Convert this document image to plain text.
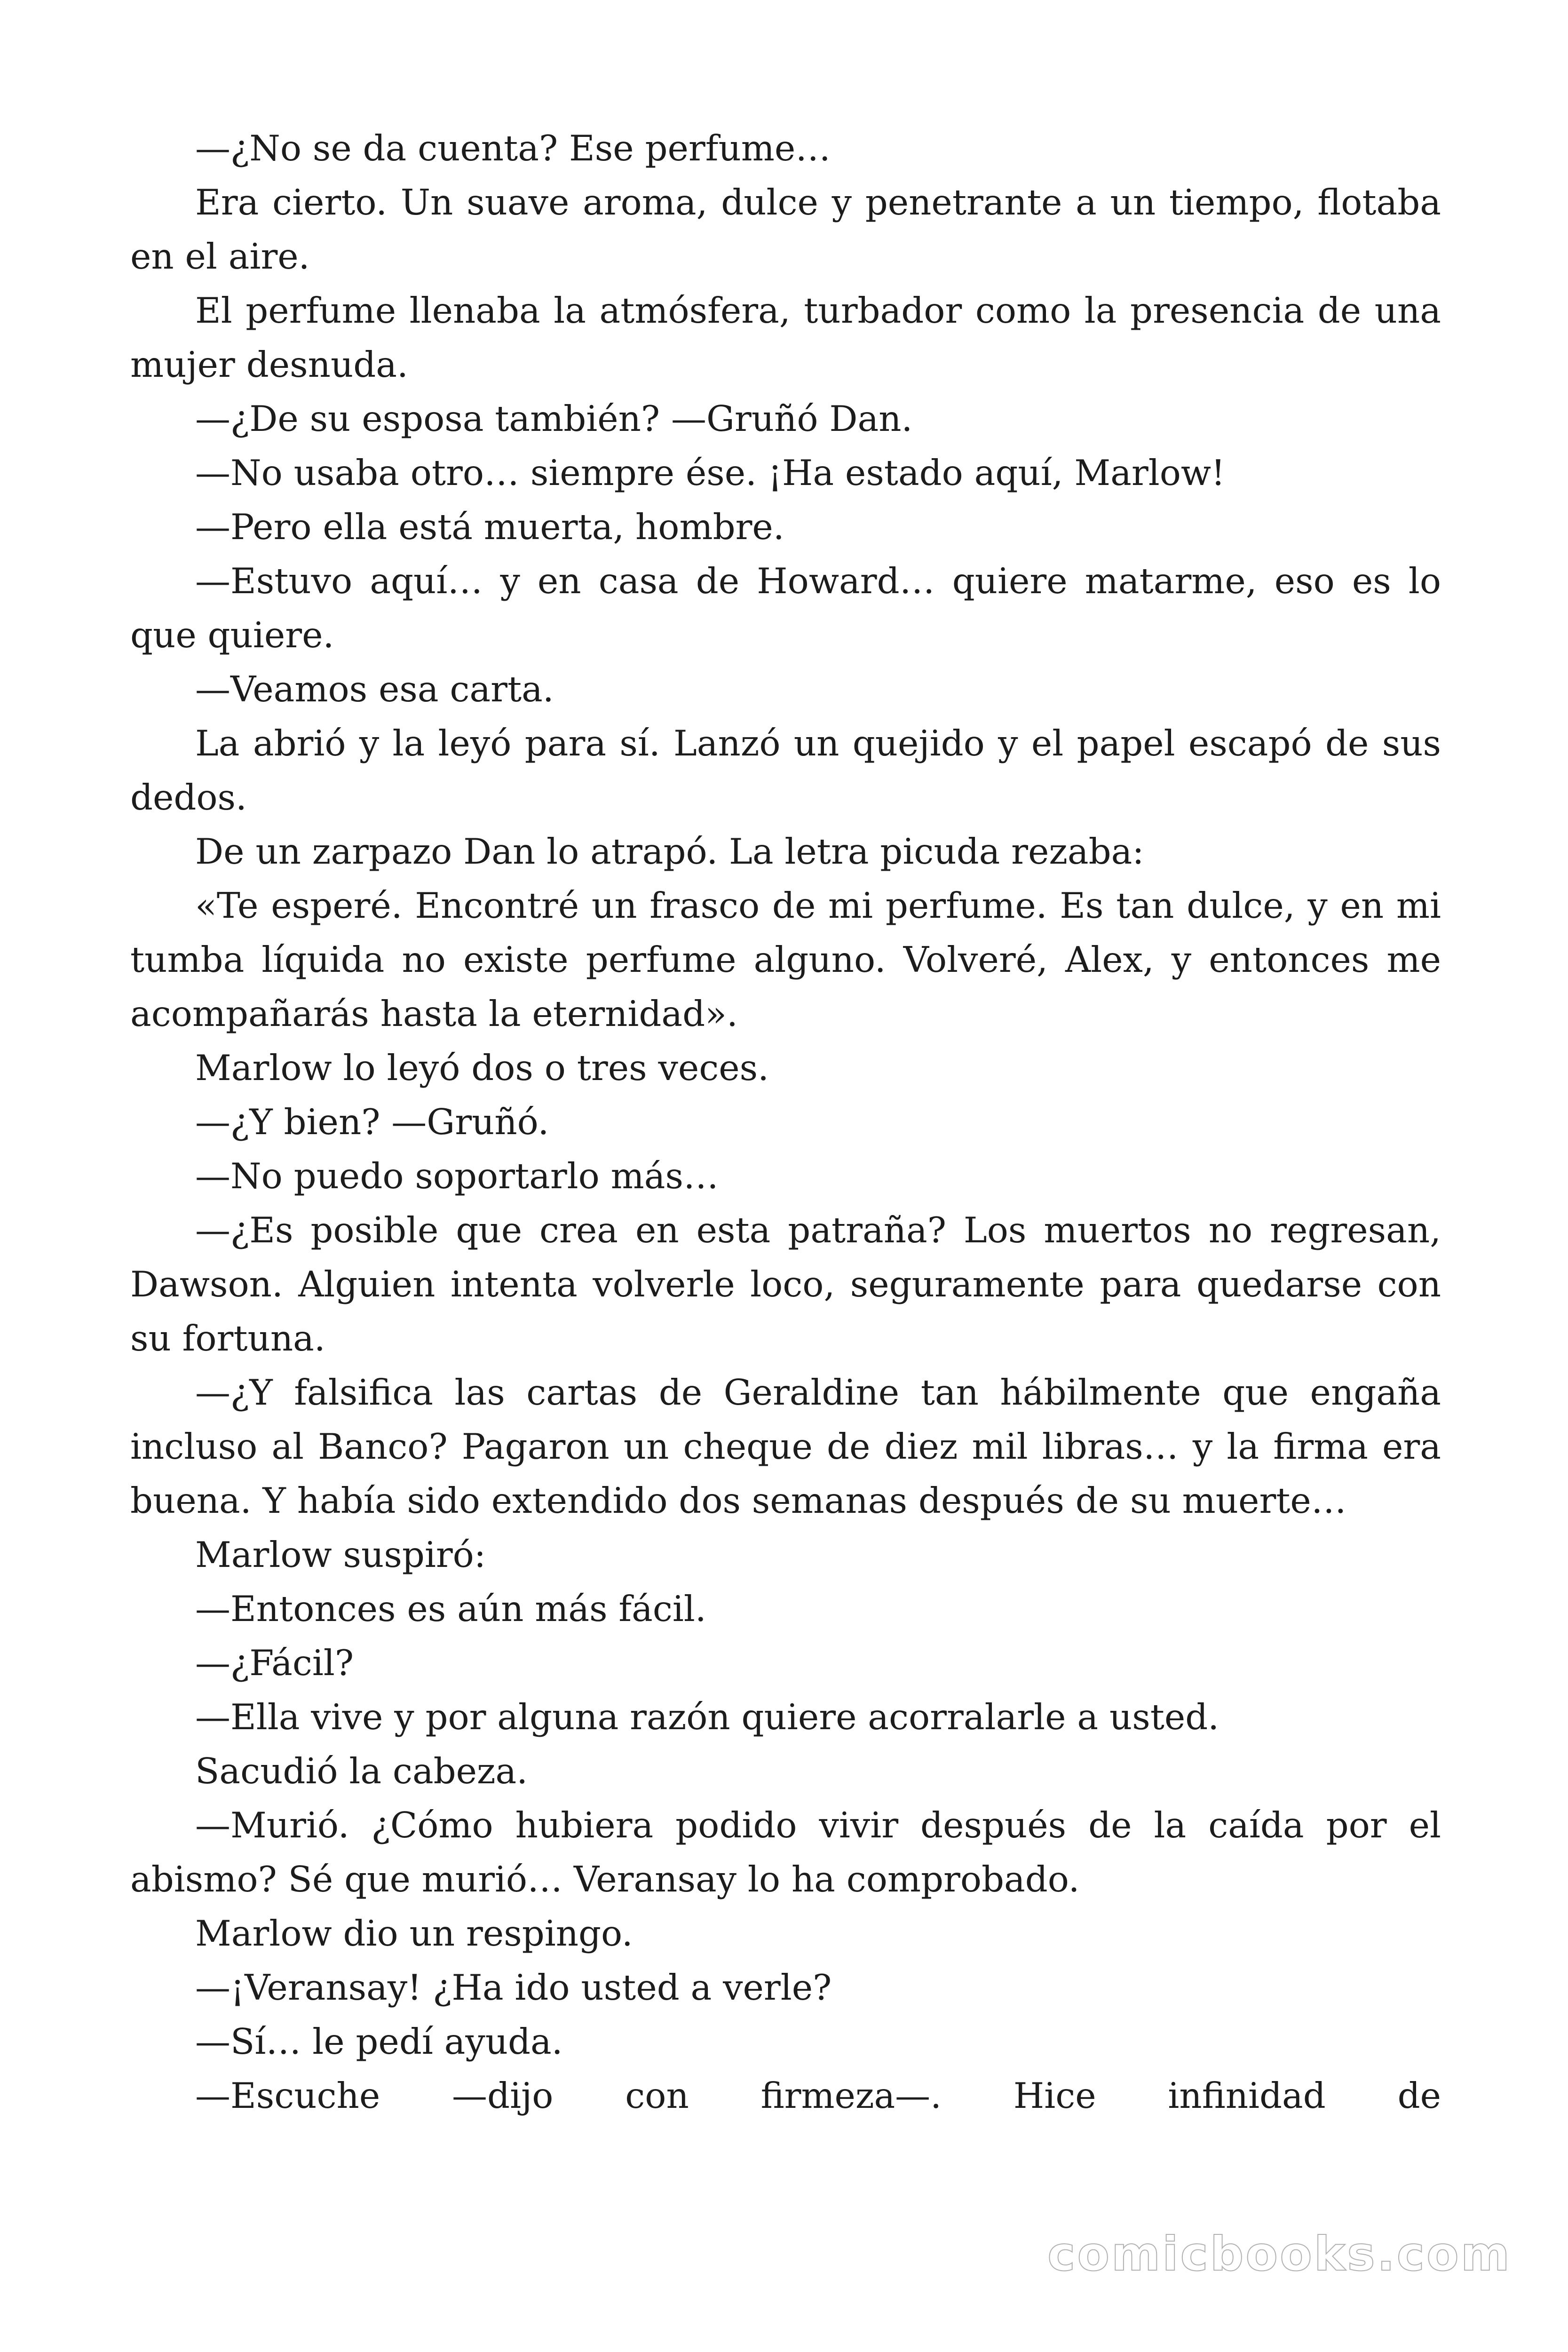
—¿No se da cuenta? Ese perfume…

Era cierto. Un suave aroma, dulce y penetrante a un tiempo, flotaba en el aire.

El perfume llenaba la atmósfera, turbador como la presencia de una mujer desnuda.

—¿De su esposa también? —Gruñó Dan.

—No usaba otro… siempre ése. ¡Ha estado aquí, Marlow!

—Pero ella está muerta, hombre.

—Estuvo aquí… y en casa de Howard… quiere matarme, eso es lo que quiere.

—Veamos esa carta.

La abrió y la leyó para sí. Lanzó un quejido y el papel escapó de sus dedos.

De un zarpazo Dan lo atrapó. La letra picuda rezaba:

«Te esperé. Encontré un frasco de mi perfume. Es tan dulce, y en mi tumba líquida no existe perfume alguno. Volveré, Alex, y entonces me acompañarás hasta la eternidad».

Marlow lo leyó dos o tres veces.

—¿Y bien? —Gruñó.

—No puedo soportarlo más…

—¿Es posible que crea en esta patraña? Los muertos no regresan, Dawson. Alguien intenta volverle loco, seguramente para quedarse con su fortuna.

—¿Y falsifica las cartas de Geraldine tan hábilmente que engaña incluso al Banco? Pagaron un cheque de diez mil libras… y la firma era buena. Y había sido extendido dos semanas después de su muerte…

Marlow suspiró:

—Entonces es aún más fácil.

—¿Fácil?

—Ella vive y por alguna razón quiere acorralarle a usted.

Sacudió la cabeza.

—Murió. ¿Cómo hubiera podido vivir después de la caída por el abismo? Sé que murió… Veransay lo ha comprobado.

Marlow dio un respingo.

—¡Veransay! ¿Ha ido usted a verle?

—Sí… le pedí ayuda.

—Escuche —dijo con firmeza—. Hice infinidad de

comicbooks.com
